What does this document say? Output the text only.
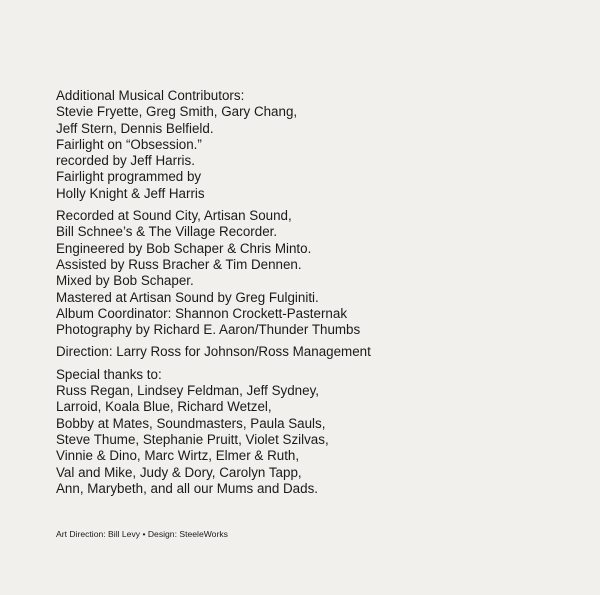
Additional Musical Contributors:
Stevie Fryette, Greg Smith, Gary Chang,
Jeff Stern, Dennis Belfield.
Fairlight on “Obsession.”
recorded by Jeff Harris.
Fairlight programmed by
Holly Knight & Jeff Harris
Recorded at Sound City, Artisan Sound,
Bill Schnee’s & The Village Recorder.
Engineered by Bob Schaper & Chris Minto.
Assisted by Russ Bracher & Tim Dennen.
Mixed by Bob Schaper.
Mastered at Artisan Sound by Greg Fulginiti.
Album Coordinator: Shannon Crockett-Pasternak
Photography by Richard E. Aaron/Thunder Thumbs
Direction: Larry Ross for Johnson/Ross Management
Special thanks to:
Russ Regan, Lindsey Feldman, Jeff Sydney,
Larroid, Koala Blue, Richard Wetzel,
Bobby at Mates, Soundmasters, Paula Sauls,
Steve Thume, Stephanie Pruitt, Violet Szilvas,
Vinnie & Dino, Marc Wirtz, Elmer & Ruth,
Val and Mike, Judy & Dory, Carolyn Tapp,
Ann, Marybeth, and all our Mums and Dads.
Art Direction: Bill Levy • Design: SteeleWorks
